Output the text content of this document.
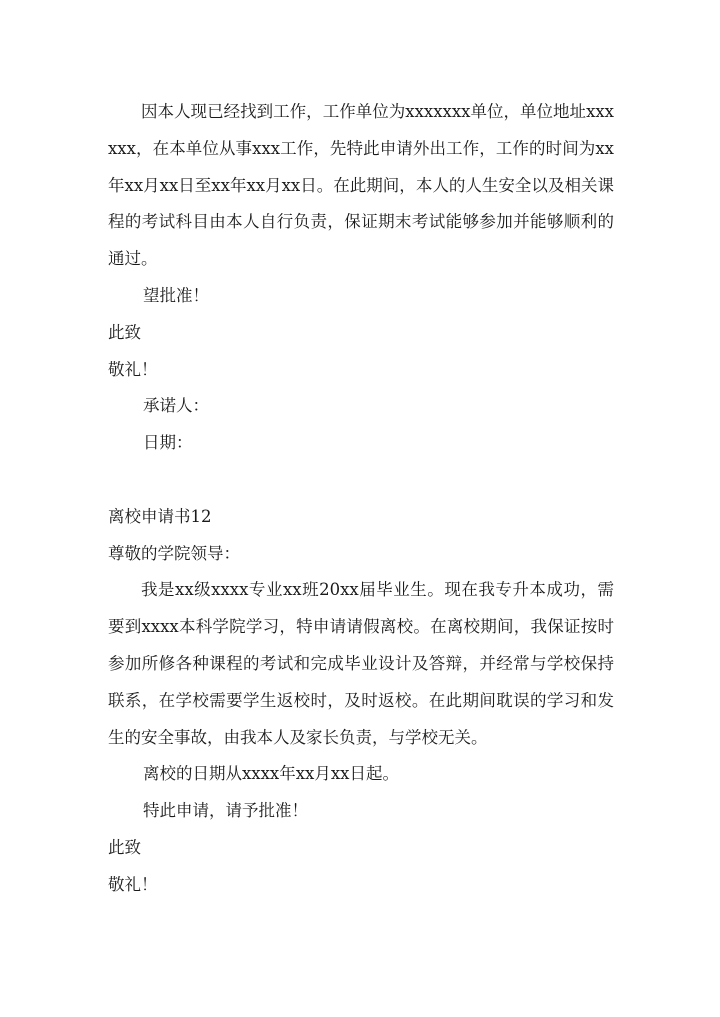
因本人现已经找到工作，工作单位为xxxxxxx单位，单位地址xxxxxx，在本单位从事xxx工作，先特此申请外出工作，工作的时间为xx年xx月xx日至xx年xx月xx日。在此期间，本人的人生安全以及相关课程的考试科目由本人自行负责，保证期末考试能够参加并能够顺利的通过。

望批准！

此致

敬礼！

承诺人：

日期：

离校申请书12

尊敬的学院领导：

我是xx级xxxx专业xx班20xx届毕业生。现在我专升本成功，需要到xxxx本科学院学习，特申请请假离校。在离校期间，我保证按时参加所修各种课程的考试和完成毕业设计及答辩，并经常与学校保持联系，在学校需要学生返校时，及时返校。在此期间耽误的学习和发生的安全事故，由我本人及家长负责，与学校无关。

离校的日期从xxxx年xx月xx日起。

特此申请，请予批准！

此致

敬礼！
